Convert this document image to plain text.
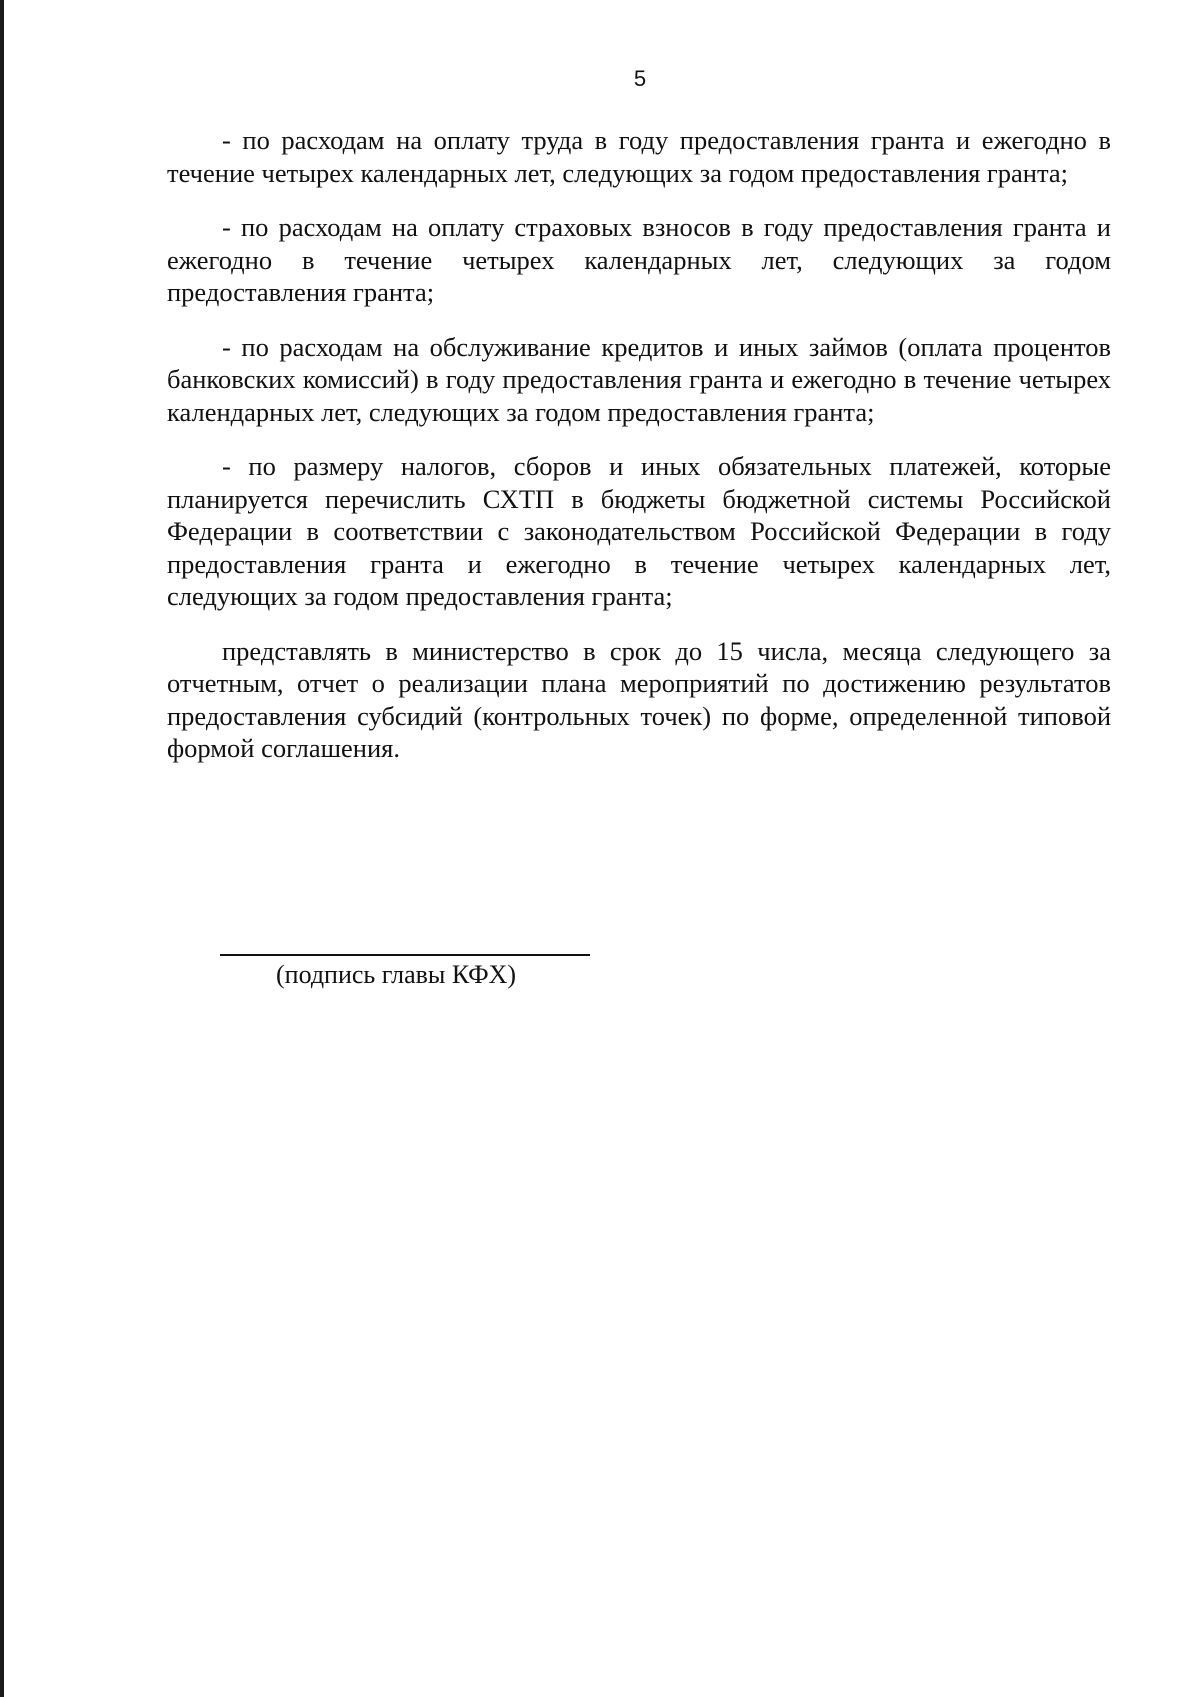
5

- по расходам на оплату труда в году предоставления гранта и ежегодно в течение четырех календарных лет, следующих за годом предоставления гранта;

- по расходам на оплату страховых взносов в году предоставления гранта и ежегодно в течение четырех календарных лет, следующих за годом предоставления гранта;

- по расходам на обслуживание кредитов и иных займов (оплата процентов банковских комиссий) в году предоставления гранта и ежегодно в течение четырех календарных лет, следующих за годом предоставления гранта;

- по размеру налогов, сборов и иных обязательных платежей, которые планируется перечислить СХТП в бюджеты бюджетной системы Российской Федерации в соответствии с законодательством Российской Федерации в году предоставления гранта и ежегодно в течение четырех календарных лет, следующих за годом предоставления гранта;

представлять в министерство в срок до 15 числа, месяца следующего за отчетным, отчет о реализации плана мероприятий по достижению результатов предоставления субсидий (контрольных точек) по форме, определенной типовой формой соглашения.

(подпись главы КФХ)
